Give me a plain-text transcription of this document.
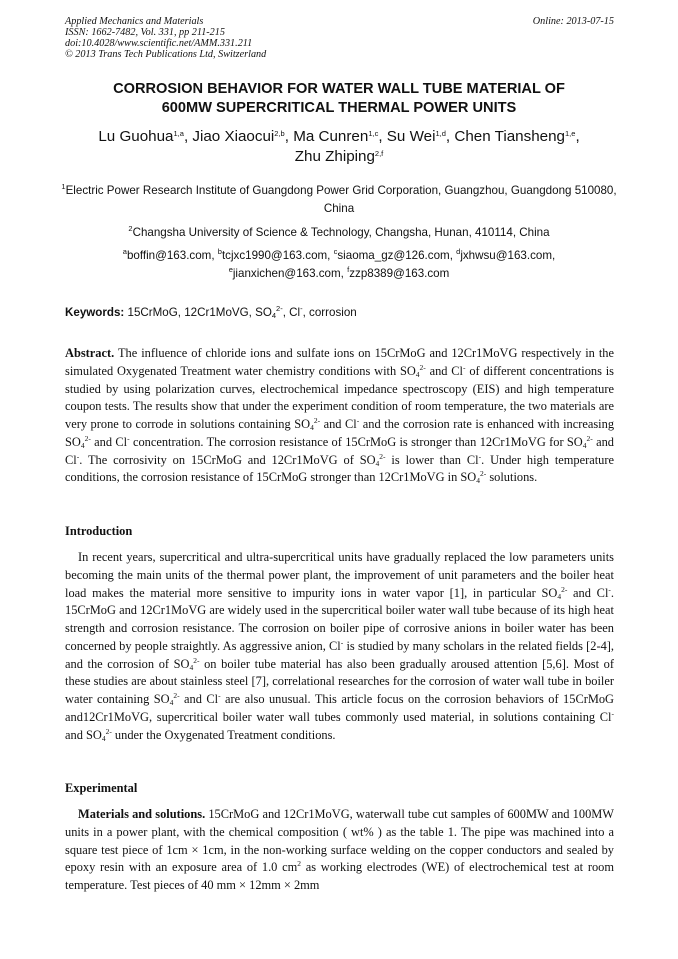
Applied Mechanics and Materials
ISSN: 1662-7482, Vol. 331, pp 211-215
doi:10.4028/www.scientific.net/AMM.331.211
© 2013 Trans Tech Publications Ltd, Switzerland
Online: 2013-07-15
CORROSION BEHAVIOR FOR WATER WALL TUBE MATERIAL OF
600MW SUPERCRITICAL THERMAL POWER UNITS
Lu Guohua$^{1,a}$, Jiao Xiaocui$^{2,b}$, Ma Cunren$^{1,c}$, Su Wei$^{1,d}$, Chen Tiansheng$^{1,e}$,
Zhu Zhiping$^{2,f}$
$^1$Electric Power Research Institute of Guangdong Power Grid Corporation, Guangzhou, Guangdong 510080, China
$^2$Changsha University of Science & Technology, Changsha, Hunan, 410114, China
$^a$boffin@163.com, $^b$tcjxc1990@163.com, $^c$siaoma_gz@126.com, $^d$jxhwsu@163.com,
$^e$jianxichen@163.com, $^f$zzp8389@163.com
Keywords: 15CrMoG, 12Cr1MoVG, $SO_4^{2-}$, Cl-, corrosion
Abstract. The influence of chloride ions and sulfate ions on 15CrMoG and 12Cr1MoVG respectively in the simulated Oxygenated Treatment water chemistry conditions with $SO_4^{2-}$ and Cl- of different concentrations is studied by using polarization curves, electrochemical impedance spectroscopy (EIS) and high temperature coupon tests. The results show that under the experiment condition of room temperature, the two materials are very prone to corrode in solutions containing $SO_4^{2-}$ and Cl- and the corrosion rate is enhanced with increasing $SO_4^{2-}$ and Cl- concentration. The corrosion resistance of 15CrMoG is stronger than 12Cr1MoVG for $SO_4^{2-}$ and Cl-. The corrosivity on 15CrMoG and 12Cr1MoVG of $SO_4^{2-}$ is lower than Cl-. Under high temperature conditions, the corrosion resistance of 15CrMoG stronger than 12Cr1MoVG in $SO_4^{2-}$ solutions.
Introduction
In recent years, supercritical and ultra-supercritical units have gradually replaced the low parameters units becoming the main units of the thermal power plant, the improvement of unit parameters and the boiler heat load makes the material more sensitive to impurity ions in water vapor [1], in particular $SO_4^{2-}$ and Cl-. 15CrMoG and 12Cr1MoVG are widely used in the supercritical boiler water wall tube because of its high heat strength and corrosion resistance. The corrosion on boiler pipe of corrosive anions in boiler water has been concerned by people straightly. As aggressive anion, Cl- is studied by many scholars in the related fields [2-4], and the corrosion of $SO_4^{2-}$ on boiler tube material has also been gradually aroused attention [5,6]. Most of these studies are about stainless steel [7], correlational researches for the corrosion of water wall tube in boiler water containing $SO_4^{2-}$ and Cl- are also unusual. This article focus on the corrosion behaviors of 15CrMoG and12Cr1MoVG, supercritical boiler water wall tubes commonly used material, in solutions containing Cl- and $SO_4^{2-}$ under the Oxygenated Treatment conditions.
Experimental
Materials and solutions. 15CrMoG and 12Cr1MoVG, waterwall tube cut samples of 600MW and 100MW units in a power plant, with the chemical composition ( wt% ) as the table 1. The pipe was machined into a square test piece of 1cm × 1cm, in the non-working surface welding on the copper conductors and sealed by epoxy resin with an exposure area of 1.0 $cm^2$ as working electrodes (WE) of electrochemical test at room temperature. Test pieces of 40 mm × 12mm × 2mm
